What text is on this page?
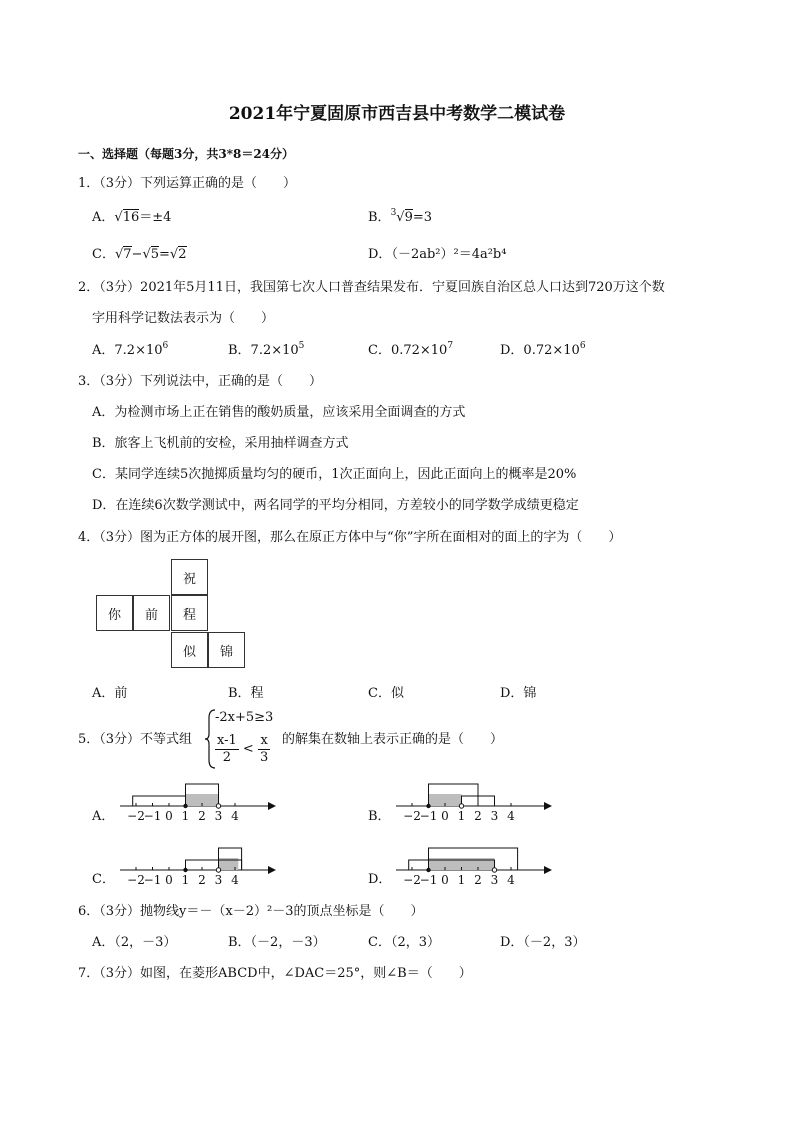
2021年宁夏固原市西吉县中考数学二模试卷
一、选择题（每题3分，共3*8＝24分）
1．（3分）下列运算正确的是（　　）
A．√16＝±4	B．$^3$√9=3
C．√7−√5=√2	D．（－2ab²）²＝4a²b⁴
2．（3分）2021年5月11日，我国第七次人口普查结果发布．宁夏回族自治区总人口达到720万这个数
字用科学记数法表示为（　　）
A．$7.2\times 10^6$	B．$7.2\times 10^5$	C．$0.72\times 10^7$	D．$0.72\times 10^6$
3．（3分）下列说法中，正确的是（　　）
A．为检测市场上正在销售的酸奶质量，应该采用全面调查的方式
B．旅客上飞机前的安检，采用抽样调查方式
C．某同学连续5次抛掷质量均匀的硬币，1次正面向上，因此正面向上的概率是20%
D．在连续6次数学测试中，两名同学的平均分相同，方差较小的同学数学成绩更稳定
4．（3分）图为正方体的展开图，那么在原正方体中与“你”字所在面相对的面上的字为（　　）
祝
你	前	程
似	锦
A．前	B．程	C．似	D．锦
5．（3分）不等式组
-2x+5≥3
$\frac{x-1}{2} < \frac{x}{3}$ 的解集在数轴上表示正确的是（　　）
A．	B．
C．	D．
−2
−1 0 1 2 3 4	−2
−1 0 1 2 3 4
−2
−1 0 1 2 3 4	−2
−1 0 1 2 3 4
6．（3分）抛物线y＝－（x－2）²－3的顶点坐标是（　　）
A．（2，－3）	B．（－2，－3）	C．（2，3）	D．（－2，3）
7．（3分）如图，在菱形ABCD中，∠DAC＝25°，则∠B＝（　　）
